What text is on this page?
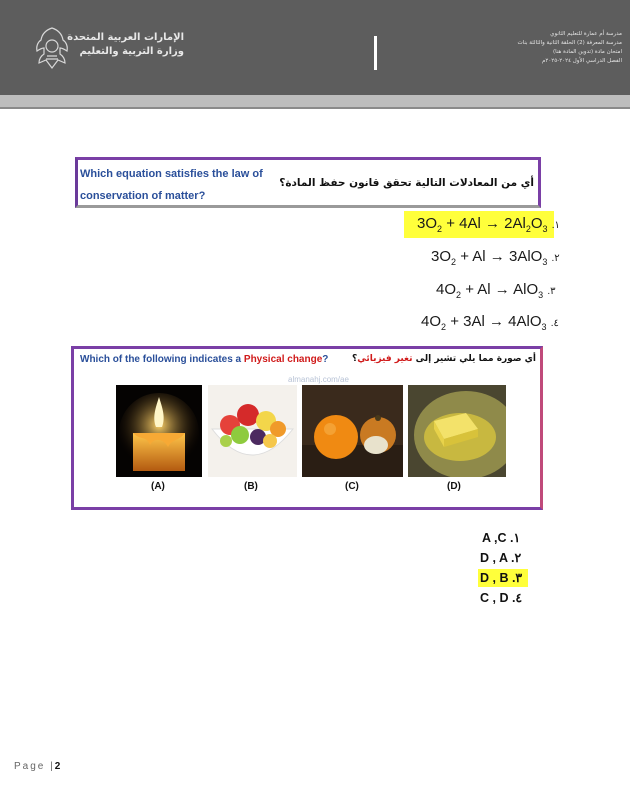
الإمارات العربية المتحدة
وزارة التربية والتعليم
مدرسة أم عمارة للتعليم الثانوي
مدرسة المعرفة (2) الحلقة الثانية والثالثة بنات
امتحان مادة (تدوين المادة هنا)
الفصل الدراسي الأول ٢٠٢٤-٢٠٢٥م
Which equation satisfies the law of conservation of matter?
أي من المعادلات التالية تحقق قانون حفظ المادة؟
$3O_2 + 4Al \to 2Al_2O_3$ .١
$3O_2 + Al \to 3AlO_3$ .٢
$4O_2 + Al \to AlO_3$ .٣
$4O_2 + 3Al \to 4AlO_3$ .٤
Which of the following indicates a Physical change?	أي صورة مما يلي تشير إلى تغير فيزيائي؟
almanahj.com/ae
(A)	(B)	(C)	(D)
A ,C .١
D , A .٢
D , B .٣
C , D .٤
Page |2
